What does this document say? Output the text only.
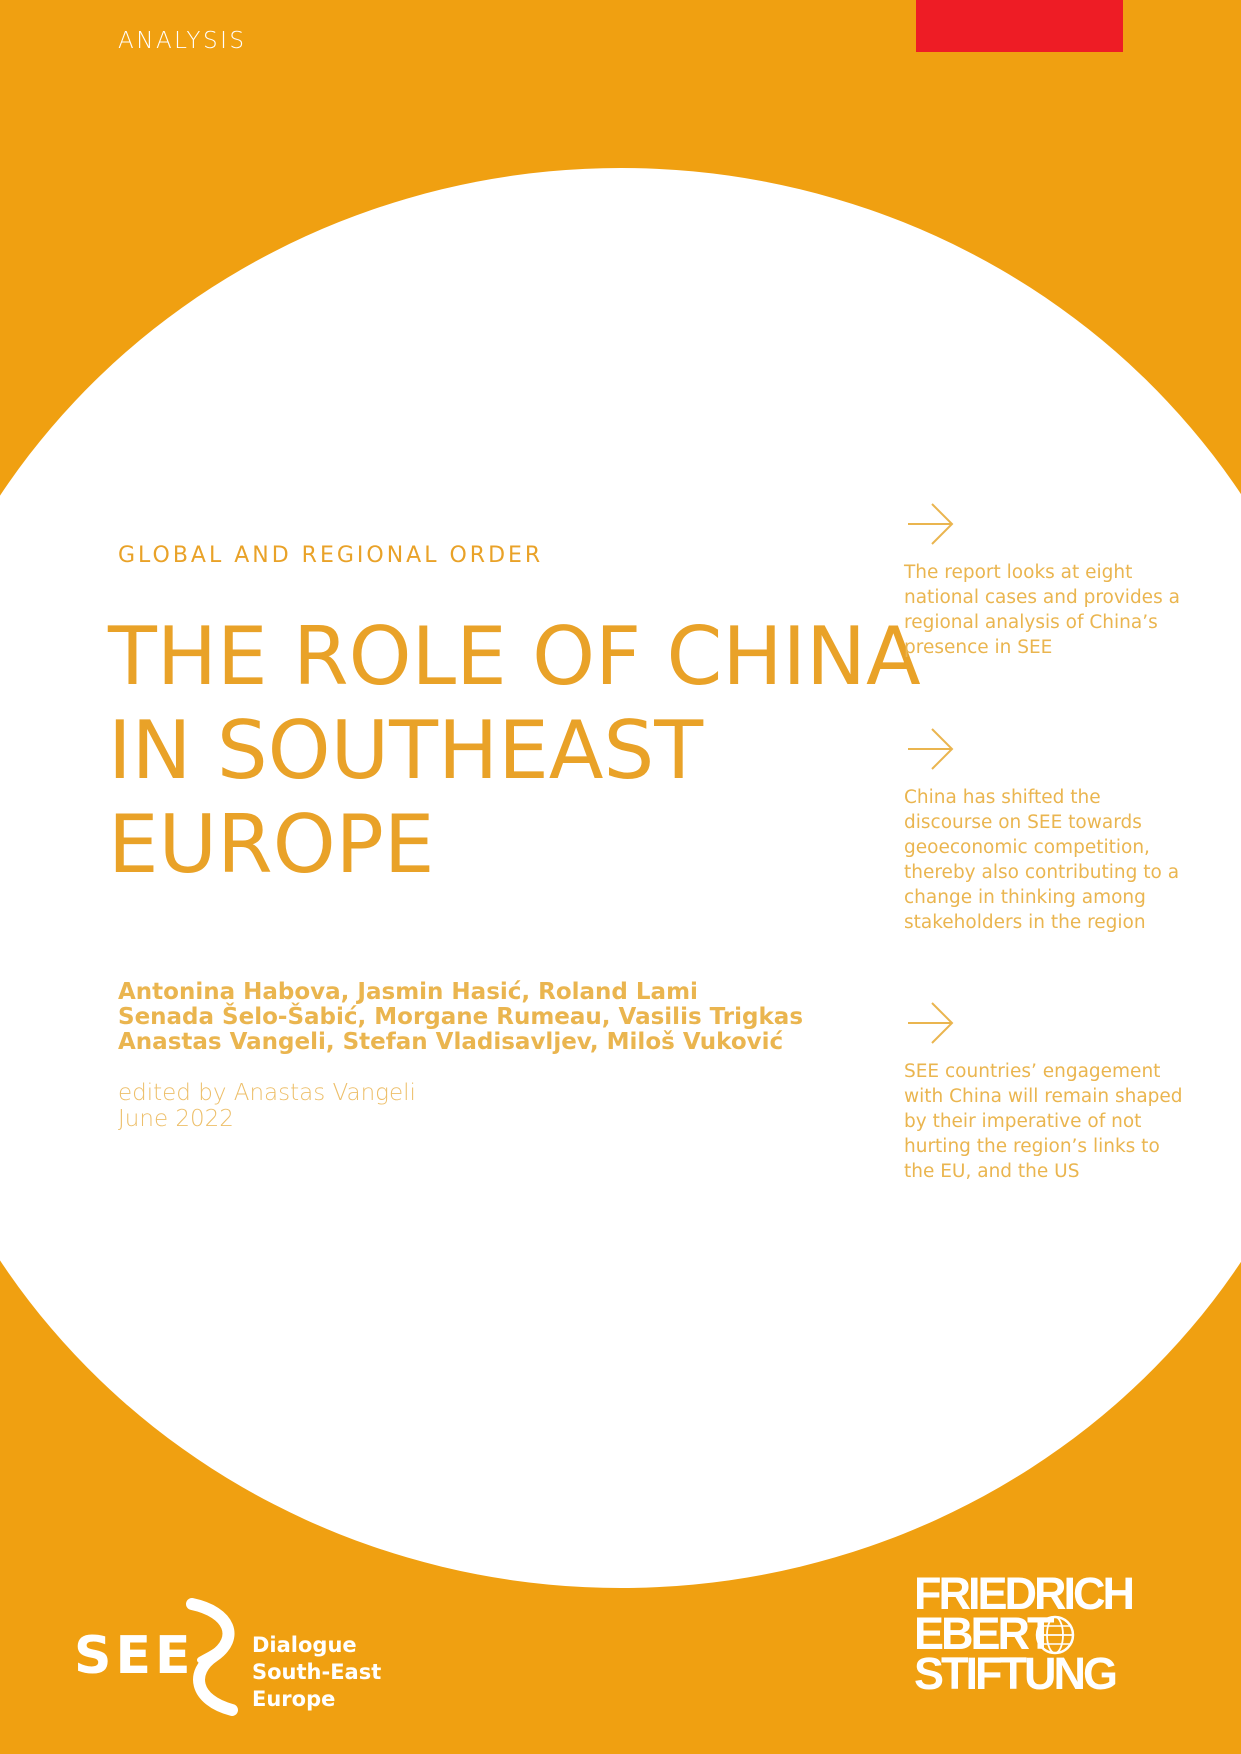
ANALYSIS
GLOBAL AND REGIONAL ORDER
THE ROLE OF CHINA
IN SOUTHEAST
EUROPE
Antonina Habova, Jasmin Hasić, Roland Lami
Senada Šelo-Šabić, Morgane Rumeau, Vasilis Trigkas
Anastas Vangeli, Stefan Vladisavljev, Miloš Vuković
edited by Anastas Vangeli
June 2022
The report looks at eight national cases and provides a regional analysis of China’s presence in SEE
China has shifted the discourse on SEE towards geoeconomic competition, thereby also contributing to a change in thinking among stakeholders in the region
SEE countries’ engagement with China will remain shaped by their imperative of not hurting the region’s links to the EU, and the US
SEE	Dialogue
South-East Europe
FRIEDRICH
EBERT
STIFTUNG
